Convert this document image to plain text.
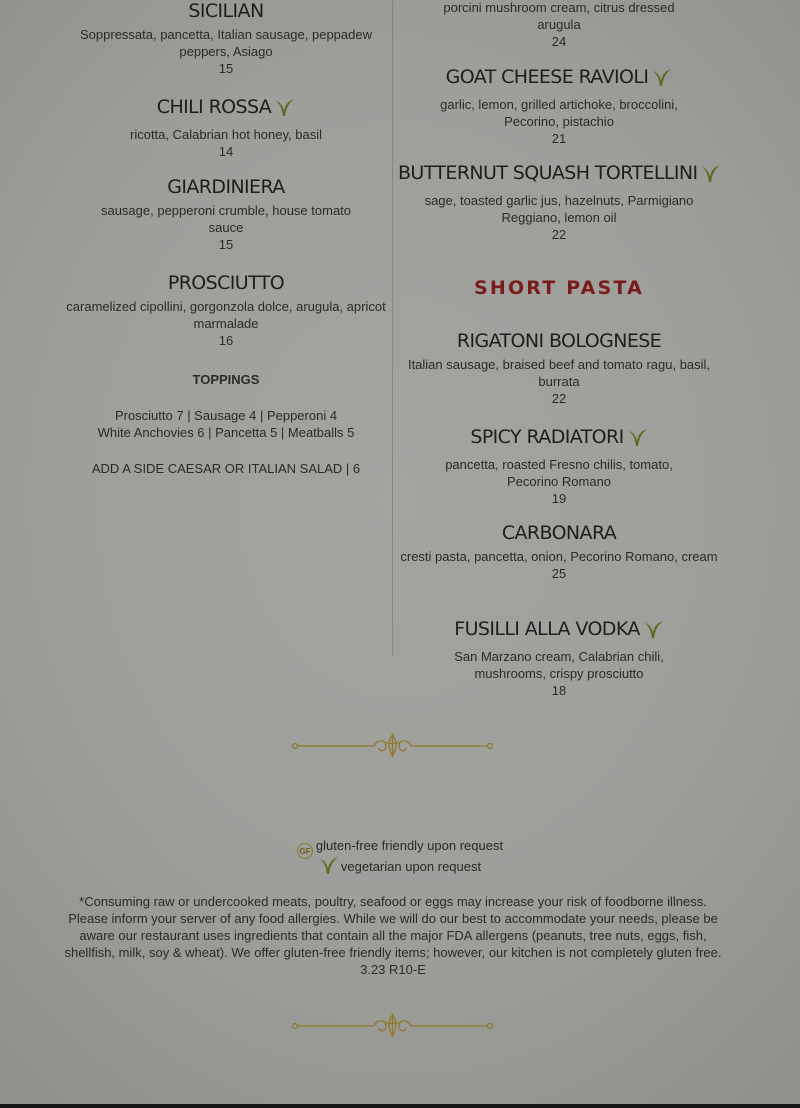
SICILIAN
Soppressata, pancetta, Italian sausage, peppadew peppers, Asiago
15
CHILI ROSSA
ricotta, Calabrian hot honey, basil
14
GIARDINIERA
sausage, pepperoni crumble, house tomato sauce
15
PROSCIUTTO
caramelized cipollini, gorgonzola dolce, arugula, apricot marmalade
16
TOPPINGS
Prosciutto 7 | Sausage 4 | Pepperoni 4
White Anchovies 6 | Pancetta 5 | Meatballs 5
ADD A SIDE CAESAR OR ITALIAN SALAD | 6
porcini mushroom cream, citrus dressed arugula
24
GOAT CHEESE RAVIOLI
garlic, lemon, grilled artichoke, broccolini, Pecorino, pistachio
21
BUTTERNUT SQUASH TORTELLINI
sage, toasted garlic jus, hazelnuts, Parmigiano Reggiano, lemon oil
22
SHORT PASTA
RIGATONI BOLOGNESE
Italian sausage, braised beef and tomato ragu, basil, burrata
22
SPICY RADIATORI
pancetta, roasted Fresno chilis, tomato, Pecorino Romano
19
CARBONARA
cresti pasta, pancetta, onion, Pecorino Romano, cream
25
FUSILLI ALLA VODKA
San Marzano cream, Calabrian chili, mushrooms, crispy prosciutto
18
GF gluten-free friendly upon request
vegetarian upon request
*Consuming raw or undercooked meats, poultry, seafood or eggs may increase your risk of foodborne illness. Please inform your server of any food allergies. While we will do our best to accommodate your needs, please be aware our restaurant uses ingredients that contain all the major FDA allergens (peanuts, tree nuts, eggs, fish, shellfish, milk, soy & wheat). We offer gluten-free friendly items; however, our kitchen is not completely gluten free. 3.23 R10-E
